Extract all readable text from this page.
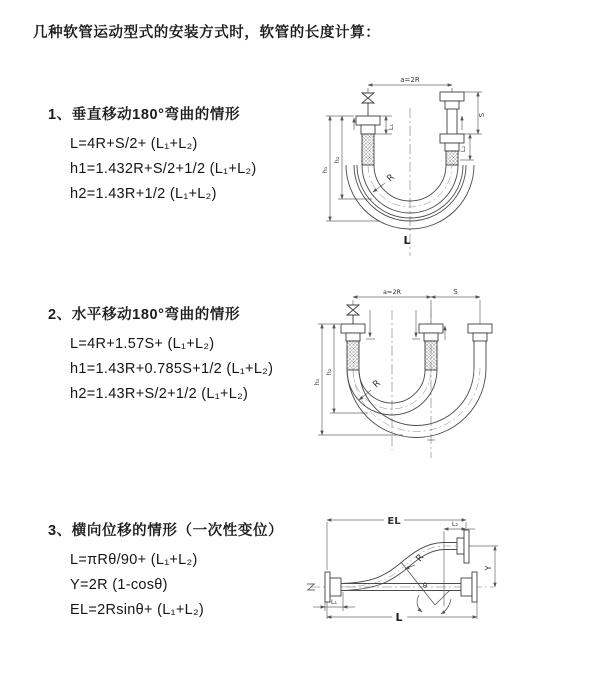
几种软管运动型式的安装方式时，软管的长度计算：
1、垂直移动180°弯曲的情形
L=4R+S/2+ (L₁+L₂)
h1=1.432R+S/2+1/2 (L₁+L₂)
h2=1.43R+1/2 (L₁+L₂)
2、水平移动180°弯曲的情形
L=4R+1.57S+ (L₁+L₂)
h1=1.43R+0.785S+1/2 (L₁+L₂)
h2=1.43R+S/2+1/2 (L₁+L₂)
3、横向位移的情形（一次性变位）
L=πRθ/90+ (L₁+L₂)
Y=2R (1-cosθ)
EL=2Rsinθ+ (L₁+L₂)
a=2R
h₁
h₂
L₁
S
L₂
R
L
a=2R	S
h₁
h₂
R
EL	L₂
Y
L
L₁
R
θ
